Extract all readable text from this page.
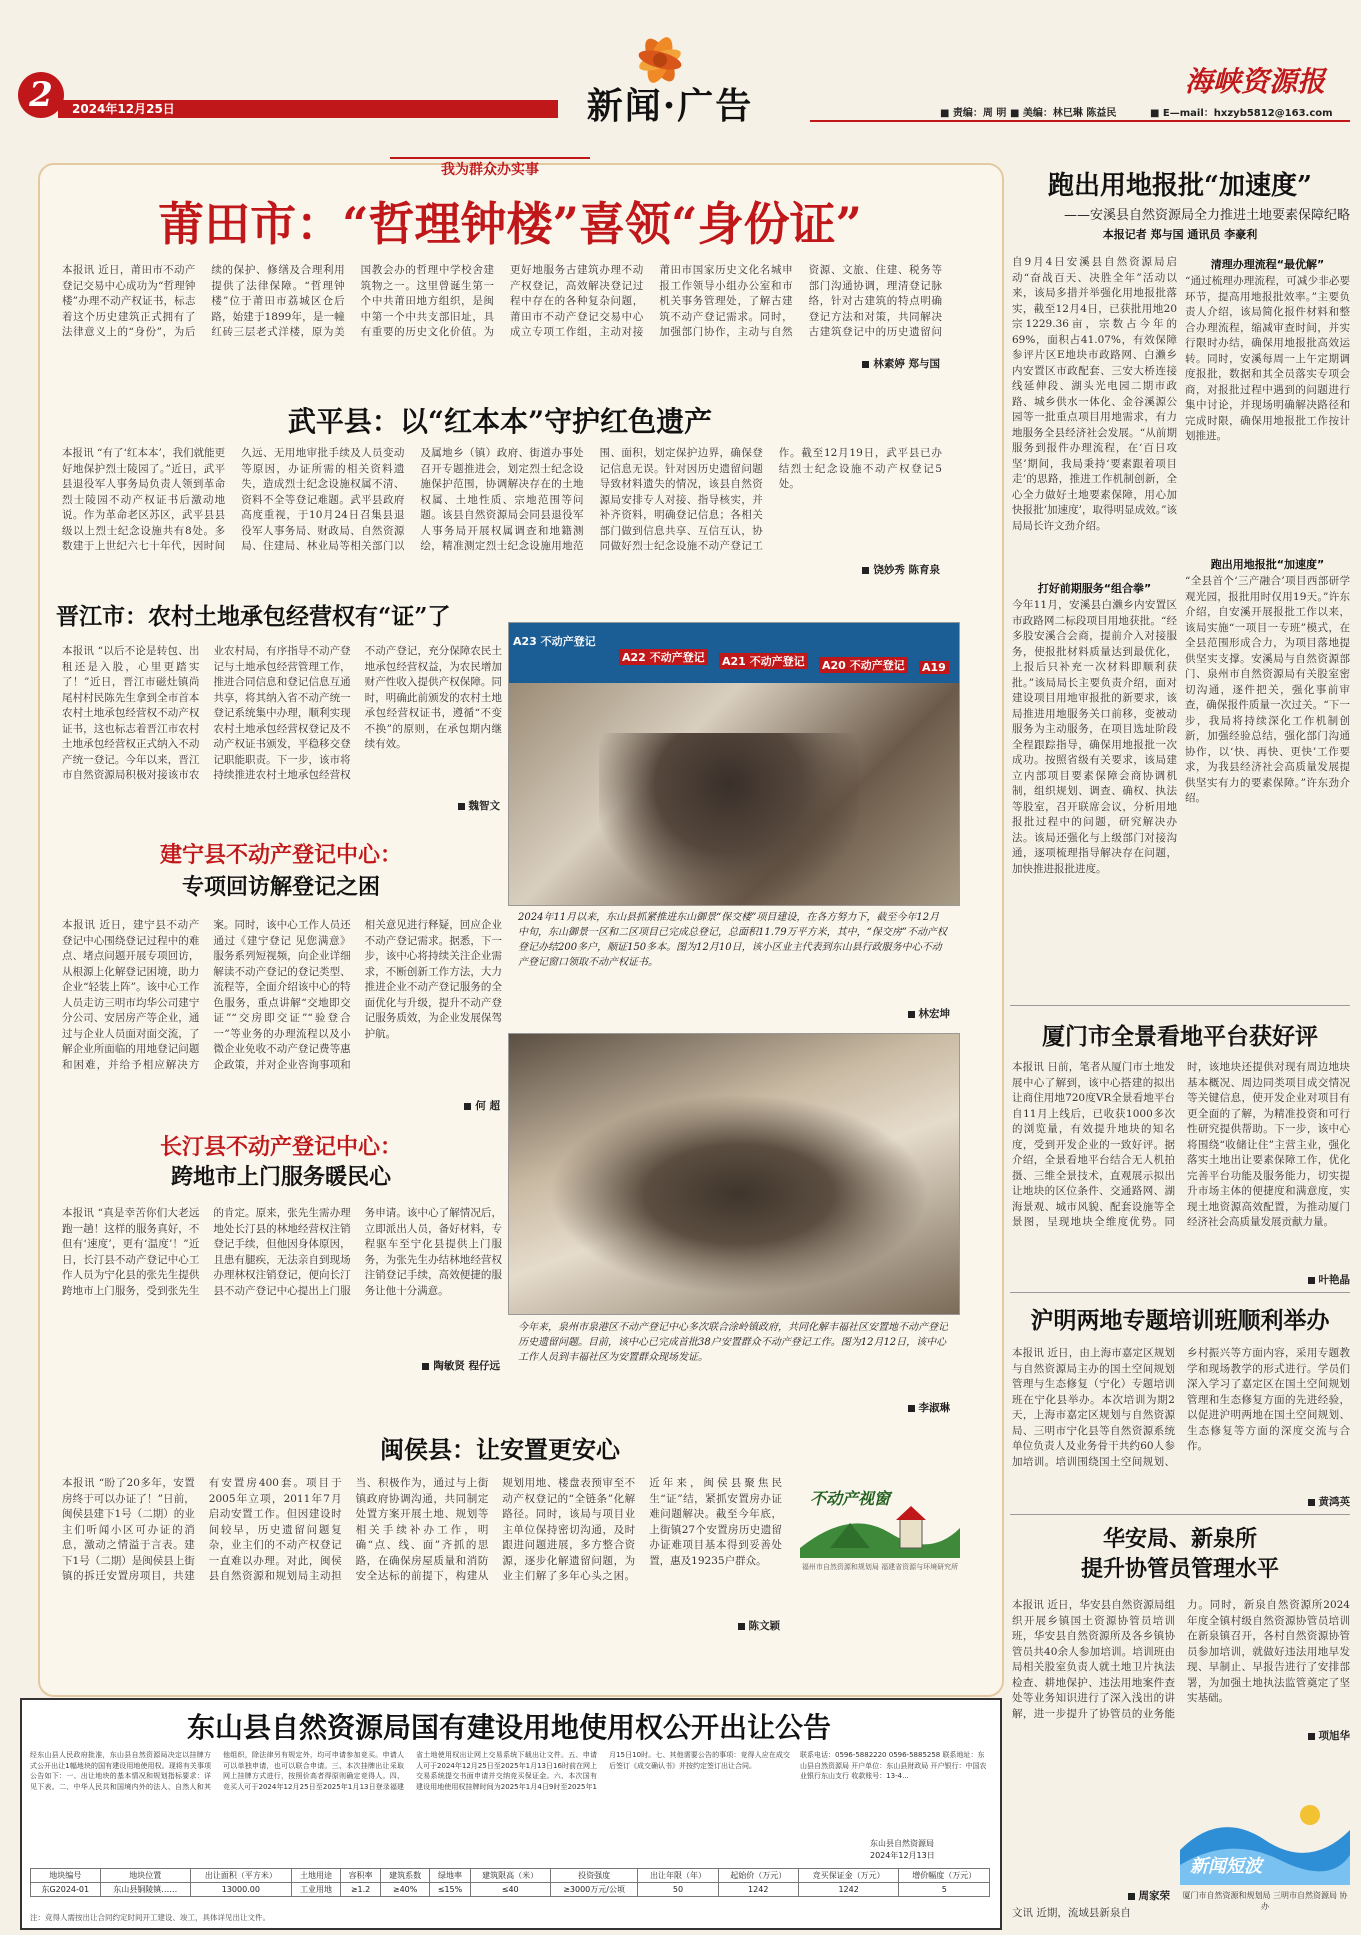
2	2024年12月25日	新闻·广告
海峡资源报
■ 责编：周 明 ■ 美编：林巳琳 陈益民	■ E—mail：hxzyb5812@163.com
我为群众办实事
莆田市：“哲理钟楼”喜领“身份证”
本报讯 近日，莆田市不动产登记交易中心成功为“哲理钟楼”办理不动产权证书，标志着这个历史建筑正式拥有了法律意义上的“身份”，为后续的保护、修缮及合理利用提供了法律保障。“哲理钟楼”位于莆田市荔城区仓后路，始建于1899年，是一幢红砖三层老式洋楼，原为美国教会办的哲理中学校舍建筑物之一。这里曾诞生第一个中共莆田地方组织，是闽中第一个中共支部旧址，具有重要的历史文化价值。为更好地服务古建筑办理不动产权登记，高效解决登记过程中存在的各种复杂问题，莆田市不动产登记交易中心成立专项工作组，主动对接莆田市国家历史文化名城申报工作领导小组办公室和市机关事务管理处，了解古建筑不动产登记需求。同时，加强部门协作，主动与自然资源、文旅、住建、税务等部门沟通协调，理清登记脉络，针对古建筑的特点明确登记方法和对策，共同解决古建筑登记中的历史遗留问
林素婷 郑与国
武平县：以“红本本”守护红色遗产
本报讯 “有了‘红本本’，我们就能更好地保护烈士陵园了。”近日，武平县退役军人事务局负责人领到革命烈士陵园不动产权证书后激动地说。作为革命老区苏区，武平县县级以上烈士纪念设施共有8处。多数建于上世纪六七十年代，因时间久远、无用地审批手续及人员变动等原因，办证所需的相关资料遗失，造成烈士纪念设施权属不清、资料不全等登记难题。武平县政府高度重视，于10月24日召集县退役军人事务局、财政局、自然资源局、住建局、林业局等相关部门以及属地乡（镇）政府、街道办事处召开专题推进会，划定烈士纪念设施保护范围，协调解决存在的土地权属、土地性质、宗地范围等问题。该县自然资源局会同县退役军人事务局开展权属调查和地籍测绘，精准测定烈士纪念设施用地范围、面积，划定保护边界，确保登记信息无误。针对因历史遗留问题导致材料遗失的情况，该县自然资源局安排专人对接、指导核实，并补齐资料，明确登记信息；各相关部门做到信息共享、互信互认，协同做好烈士纪念设施不动产登记工作。截至12月19日，武平县已办结烈士纪念设施不动产权登记5处。
饶妙秀 陈育泉
晋江市：农村土地承包经营权有“证”了
本报讯 “以后不论是转包、出租还是入股，心里更踏实了！”近日，晋江市磁灶镇尚尾村村民陈先生拿到全市首本农村土地承包经营权不动产权证书，这也标志着晋江市农村土地承包经营权正式纳入不动产统一登记。今年以来，晋江市自然资源局积极对接该市农业农村局，有序指导不动产登记与土地承包经营管理工作，推进合同信息和登记信息互通共享，将其纳入省不动产统一登记系统集中办理，顺利实现农村土地承包经营权登记及不动产权证书颁发，平稳移交登记职能职责。下一步，该市将持续推进农村土地承包经营权不动产登记，充分保障农民土地承包经营权益，为农民增加财产性收入提供产权保障。同时，明确此前颁发的农村土地承包经营权证书，遵循“不变不换”的原则，在承包期内继续有效。
魏智文
建宁县不动产登记中心：
专项回访解登记之困
本报讯 近日，建宁县不动产登记中心围绕登记过程中的难点、堵点问题开展专项回访，从根源上化解登记困境，助力企业“轻装上阵”。该中心工作人员走访三明市均华公司建宁分公司、安居房产等企业，通过与企业人员面对面交流，了解企业所面临的用地登记问题和困难，并给予相应解决方案。同时，该中心工作人员还通过《建宁登记 见您满意》服务系列短视频，向企业详细解读不动产登记的登记类型、流程等，全面介绍该中心的特色服务，重点讲解“交地即交证”“交房即交证”“验登合一”等业务的办理流程以及小微企业免收不动产登记费等惠企政策，并对企业咨询事项和相关意见进行释疑，回应企业不动产登记需求。据悉，下一步，该中心将持续关注企业需求，不断创新工作方法，大力推进企业不动产登记服务的全面优化与升级，提升不动产登记服务质效，为企业发展保驾护航。
何 超
长汀县不动产登记中心：
跨地市上门服务暖民心
本报讯 “真是幸苦你们大老远跑一趟！这样的服务真好，不但有‘速度’，更有‘温度’！”近日，长汀县不动产登记中心工作人员为宁化县的张先生提供跨地市上门服务，受到张先生的肯定。原来，张先生需办理地处长汀县的林地经营权注销登记手续，但他因身体原因，且患有腿疾，无法亲自到现场办理林权注销登记，便向长汀县不动产登记中心提出上门服务申请。该中心了解情况后，立即派出人员，备好材料，专程驱车至宁化县提供上门服务，为张先生办结林地经营权注销登记手续，高效便捷的服务让他十分满意。
陶敏贤 程仔远
A23 不动产登记
A22 不动产登记 A21 不动产登记 A20 不动产登记 A19
2024年11月以来，东山县抓紧推进东山御景“保交楼”项目建设，在各方努力下，截至今年12月中旬，东山御景一区和二区项目已完成总登记，总面积11.79万平方米，其中，“保交房”不动产权登记办结200多户，顺证150多本。图为12月10日，该小区业主代表到东山县行政服务中心不动产登记窗口领取不动产权证书。
林宏坤
今年来，泉州市泉港区不动产登记中心多次联合涂岭镇政府，共同化解丰福社区安置地不动产登记历史遗留问题。目前，该中心已完成首批38户安置群众不动产登记工作。图为12月12日，该中心工作人员到丰福社区为安置群众现场发证。
李淑琳
闽侯县：让安置更安心
本报讯 “盼了20多年，安置房终于可以办证了！”日前，闽侯县建下1号（二期）的业主们听闻小区可办证的消息，激动之情溢于言表。建下1号（二期）是闽侯县上街镇的拆迁安置房项目，共建有安置房400套。项目于2005年立项，2011年7月启动安置工作。但因建设时间较早，历史遗留问题复杂，业主们的不动产权登记一直难以办理。对此，闽侯县自然资源和规划局主动担当、积极作为，通过与上街镇政府协调沟通，共同制定处置方案开展土地、规划等相关手续补办工作，明确“点、线、面”齐抓的思路，在确保房屋质量和消防安全达标的前提下，构建从规划用地、楼盘表预审至不动产权登记的“全链条”化解路径。同时，该局与项目业主单位保持密切沟通，及时跟进问题进展，多方整合资源，逐步化解遗留问题，为业主们解了多年心头之困。近年来，闽侯县聚焦民生“证”结，紧抓安置房办证难问题解决。截至今年底，上街镇27个安置房历史遗留办证难项目基本得到妥善处置，惠及19235户群众。
陈文颖
不动产视窗
福州市自然资源和规划局 福建省资源与环境研究所
跑出用地报批“加速度”
——安溪县自然资源局全力推进土地要素保障纪略
本报记者 郑与国 通讯员 李豪利
自9月4日安溪县自然资源局启动“奋战百天、决胜全年”活动以来，该局多措并举强化用地报批落实，截至12月4日，已获批用地20宗1229.36亩，宗数占今年的69%，面积占41.07%，有效保障参评片区E地块市政路网、白濑乡内安置区市政配套、三安大桥连接线延伸段、湖头光电园二期市政路、城乡供水一体化、金谷溪源公园等一批重点项目用地需求，有力地服务全县经济社会发展。“从前期服务到报件办理流程，在‘百日攻坚’期间，我局秉持‘要素跟着项目走’的思路，推进工作机制创新，全心全力做好土地要素保障，用心加快报批‘加速度’，取得明显成效。”该局局长许文劲介绍。
打好前期服务“组合拳”
今年11月，安溪县白濑乡内安置区市政路网二标段项目用地获批。“经多股安溪合会商，提前介入对接服务，使报批材料质量达到最优化，上报后只补充一次材料即顺利获批。”该局局长主要负责介绍，面对建设项目用地审报批的新要求，该局推进用地服务关口前移，变被动服务为主动服务，在项目选址阶段全程跟踪指导，确保用地报批一次成功。按照省级有关要求，该局建立内部项目要素保障会商协调机制，组织规划、调查、确权、执法等股室，召开联席会议，分析用地报批过程中的问题，研究解决办法。该局还强化与上级部门对接沟通，逐项梳理指导解决存在问题，加快推进报批进度。
清理办理流程“最优解”
“通过梳理办理流程，可减少非必要环节，提高用地报批效率。”主要负责人介绍，该局简化报件材料和整合办理流程，缩减审查时间，并实行限时办结，确保用地报批高效运转。同时，安溪每周一上午定期调度报批，数据和其全员落实专项会商，对报批过程中遇到的问题进行集中讨论，并现场明确解决路径和完成时限，确保用地报批工作按计划推进。
跑出用地报批“加速度”
“全县首个‘三产融合’项目西部研学观光园，报批用时仅用19天。”许东介绍，自安溪开展报批工作以来，该局实施“一项目一专班”模式，在全县范围形成合力，为项目落地提供坚实支撑。安溪局与自然资源部门、泉州市自然资源局有关股室密切沟通，逐件把关，强化事前审查，确保报件质量一次过关。“下一步，我局将持续深化工作机制创新，加强经验总结，强化部门沟通协作，以‘快、再快、更快’工作要求，为我县经济社会高质量发展提供坚实有力的要素保障。”许东劲介绍。
厦门市全景看地平台获好评
本报讯 日前，笔者从厦门市土地发展中心了解到，该中心搭建的拟出让商住用地720度VR全景看地平台自11月上线后，已收获1000多次的浏览量，有效提升地块的知名度，受到开发企业的一致好评。据介绍，全景看地平台结合无人机拍摄、三维全景技术，直观展示拟出让地块的区位条件、交通路网、湖海景观、城市风貌、配套设施等全景图，呈现地块全维度优势。同时，该地块还提供对现有周边地块基本概况、周边同类项目成交情况等关键信息，使开发企业对项目有更全面的了解，为精准投资和可行性研究提供帮助。下一步，该中心将围绕“收储让住”主营主业，强化落实土地出让要素保障工作，优化完善平台功能及服务能力，切实提升市场主体的便捷度和满意度，实现土地资源高效配置，为推动厦门经济社会高质量发展贡献力量。
叶艳晶
沪明两地专题培训班顺利举办
本报讯 近日，由上海市嘉定区规划与自然资源局主办的国土空间规划管理与生态修复（宁化）专题培训班在宁化县举办。本次培训为期2天，上海市嘉定区规划与自然资源局、三明市宁化县等自然资源系统单位负责人及业务骨干共约60人参加培训。培训围绕国土空间规划、乡村振兴等方面内容，采用专题教学和现场教学的形式进行。学员们深入学习了嘉定区在国土空间规划管理和生态修复方面的先进经验，以促进沪明两地在国土空间规划、生态修复等方面的深度交流与合作。
黄鸿英
华安局、新泉所
提升协管员管理水平
本报讯 近日，华安县自然资源局组织开展乡镇国土资源协管员培训班，华安县自然资源所及各乡镇协管员共40余人参加培训。培训班由局相关股室负责人就土地卫片执法检查、耕地保护、违法用地案件查处等业务知识进行了深入浅出的讲解，进一步提升了协管员的业务能力。同时，新泉自然资源所2024年度全镇村级自然资源协管员培训在新泉镇召开，各村自然资源协管员参加培训，就做好违法用地早发现、早制止、早报告进行了安排部署，为加强土地执法监管奠定了坚实基础。
项旭华
周家荣
文讯 近期，流域县新泉自
新闻短波
厦门市自然资源和规划局 三明市自然资源局 协办
东山县自然资源局国有建设用地使用权公开出让公告
经东山县人民政府批准，东山县自然资源局决定以挂牌方式公开出让1幅地块的国有建设用地使用权。现将有关事项公告如下：一、出让地块的基本情况和规划指标要求：详见下表。二、中华人民共和国境内外的法人、自然人和其他组织，除法律另有规定外，均可申请参加竞买。申请人可以单独申请，也可以联合申请。三、本次挂牌出让采取网上挂牌方式进行，按照价高者得原则确定竞得人。四、竞买人可于2024年12月25日至2025年1月13日登录福建省土地使用权出让网上交易系统下载出让文件。五、申请人可于2024年12月25日至2025年1月13日16时前在网上交易系统提交书面申请并交纳竞买保证金。六、本次国有建设用地使用权挂牌时间为2025年1月4日9时至2025年1月15日10时。七、其他需要公告的事项：竞得人应在成交后签订《成交确认书》并按约定签订出让合同。
联系电话：0596-5882220 0596-5885258 联系地址：东山县自然资源局 开户单位：东山县财政局 开户银行：中国农业银行东山支行 收款账号：13-4...
东山县自然资源局
2024年12月13日
地块编号	地块位置	出让面积（平方米）	土地用途	容积率	建筑系数	绿地率	建筑限高（米）	投资强度	出让年限（年）	起始价（万元）	竞买保证金（万元）	增价幅度（万元）
东G2024-01	东山县铜陵镇……	13000.00	工业用地	≥1.2	≥40%	≤15%	≤40	≥3000万元/公顷	50	1242	1242	5
注：竞得人需按出让合同约定时间开工建设、竣工，具体详见出让文件。
